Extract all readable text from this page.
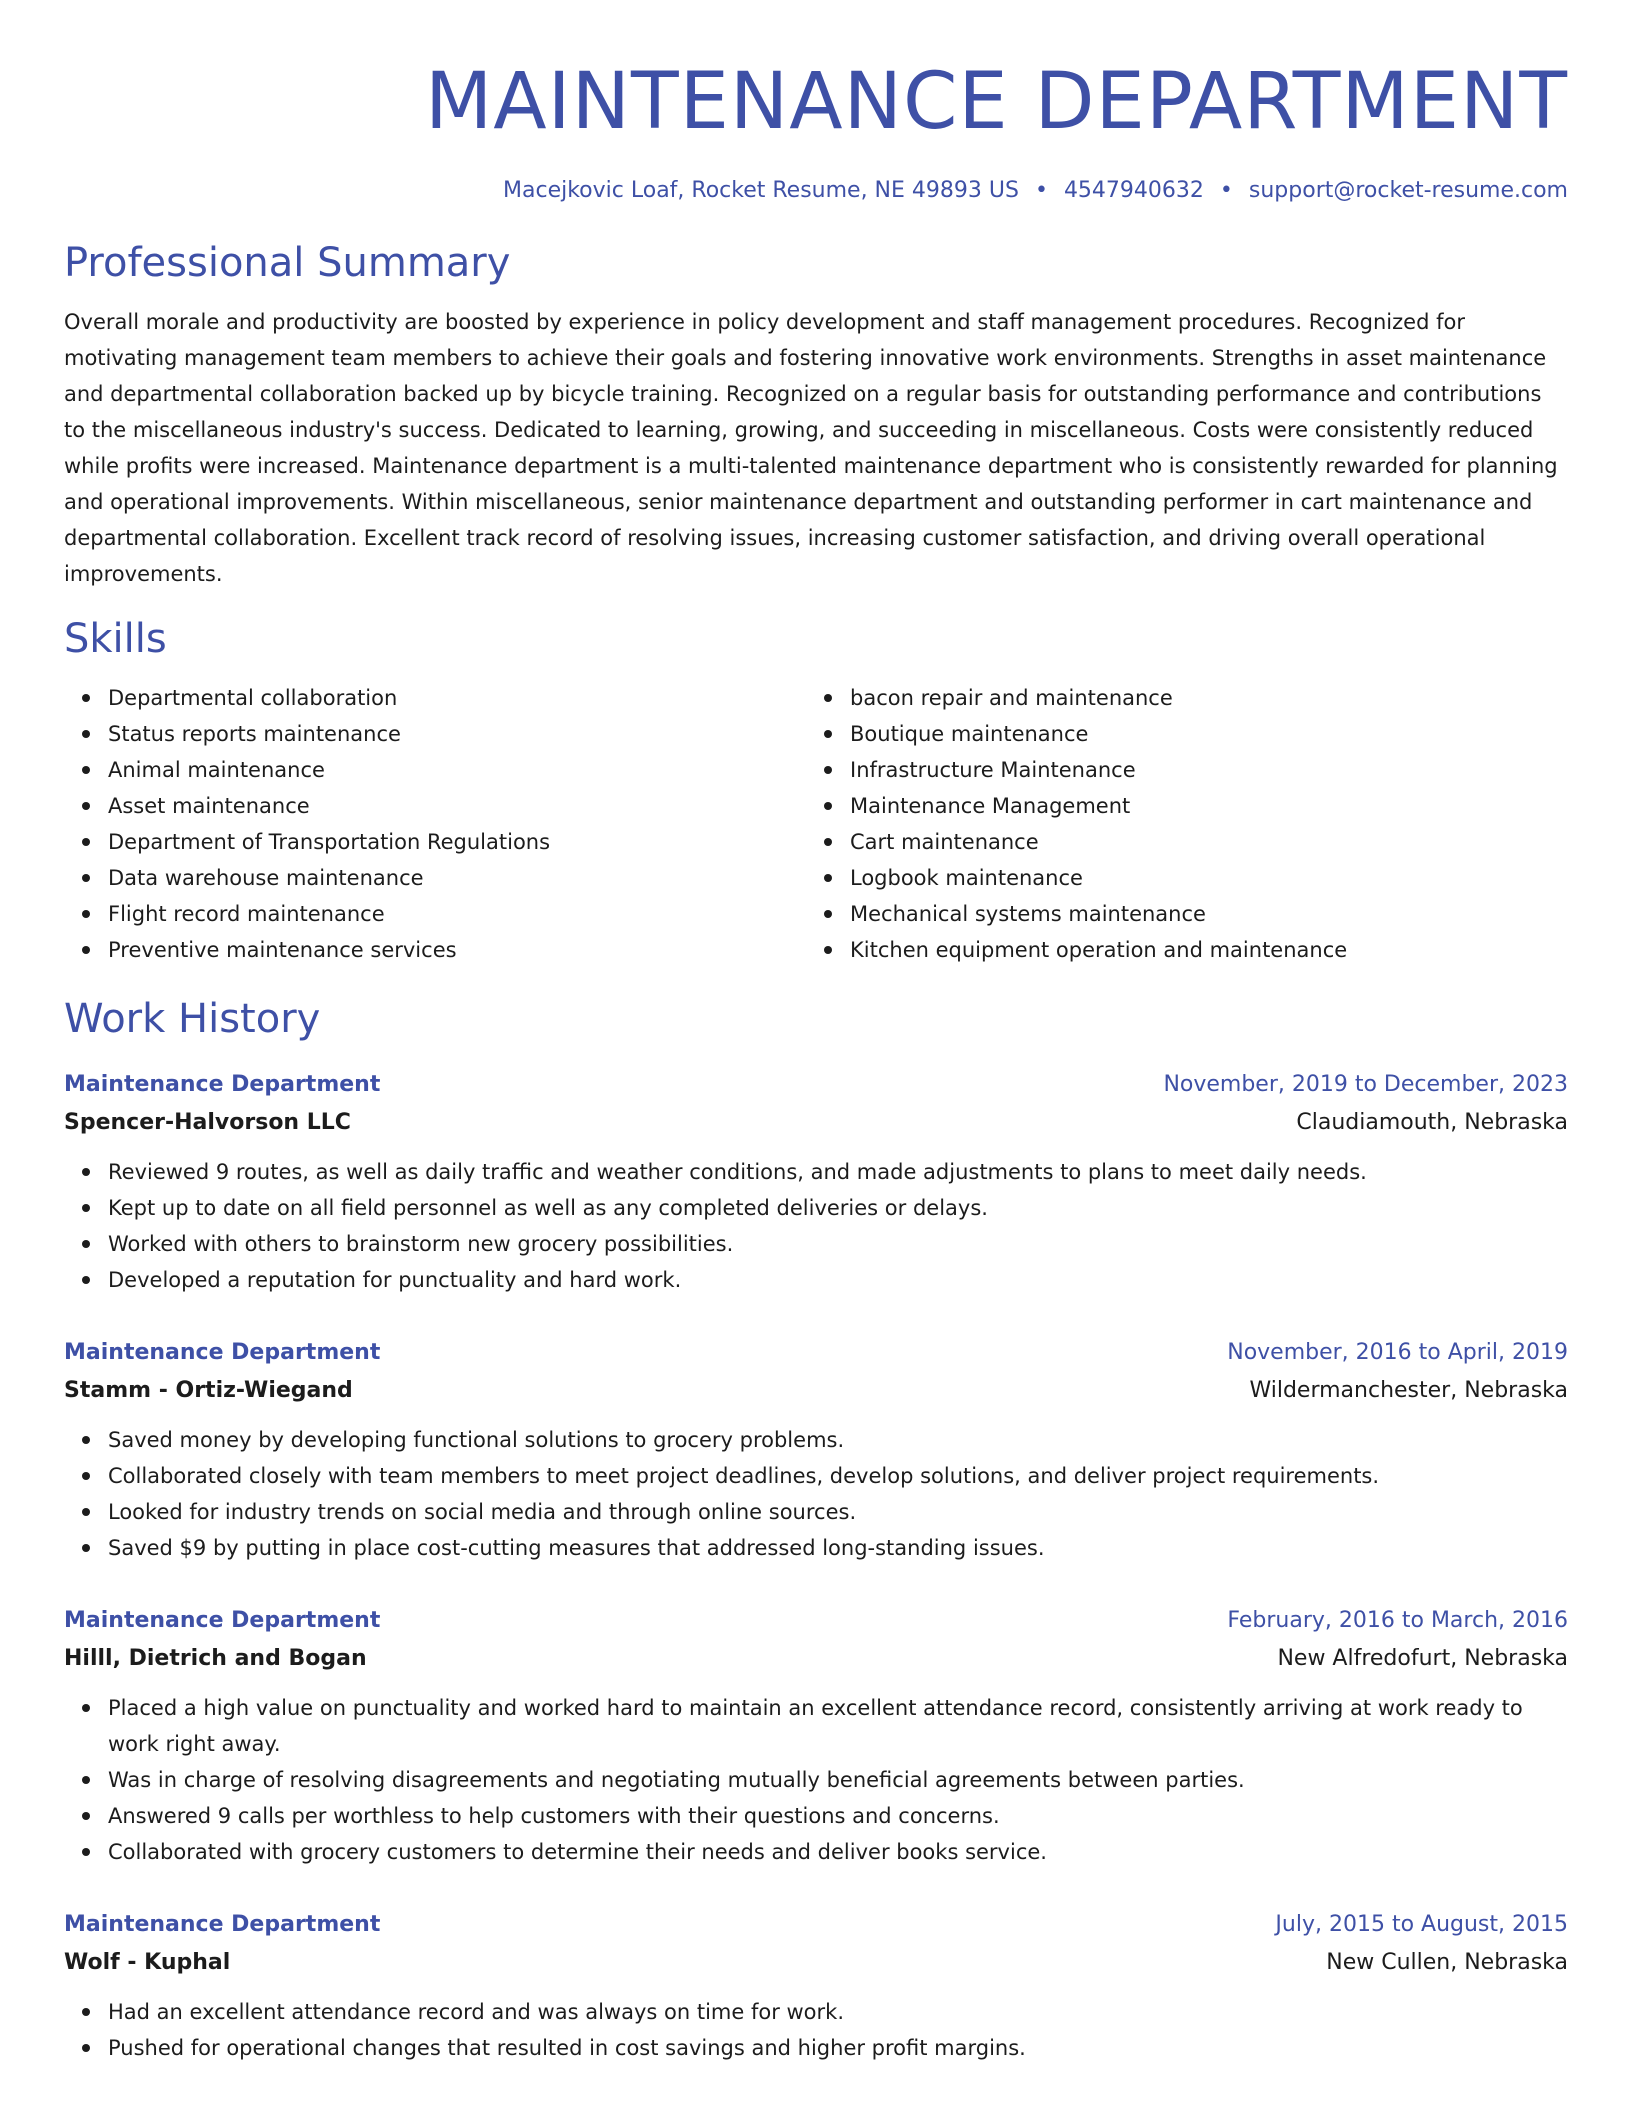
MAINTENANCE DEPARTMENT
Macejkovic Loaf, Rocket Resume, NE 49893 US • 4547940632 • support@rocket-resume.com
Professional Summary

Overall morale and productivity are boosted by experience in policy development and staff management procedures. Recognized for motivating management team members to achieve their goals and fostering innovative work environments. Strengths in asset maintenance and departmental collaboration backed up by bicycle training. Recognized on a regular basis for outstanding performance and contributions to the miscellaneous industry's success. Dedicated to learning, growing, and succeeding in miscellaneous. Costs were consistently reduced while profits were increased. Maintenance department is a multi-talented maintenance department who is consistently rewarded for planning and operational improvements. Within miscellaneous, senior maintenance department and outstanding performer in cart maintenance and departmental collaboration. Excellent track record of resolving issues, increasing customer satisfaction, and driving overall operational improvements.

Skills
Departmental collaboration
Status reports maintenance
Animal maintenance
Asset maintenance
Department of Transportation Regulations
Data warehouse maintenance
Flight record maintenance
Preventive maintenance services
bacon repair and maintenance
Boutique maintenance
Infrastructure Maintenance
Maintenance Management
Cart maintenance
Logbook maintenance
Mechanical systems maintenance
Kitchen equipment operation and maintenance
Work History
Maintenance Department	November, 2019 to December, 2023
Spencer-Halvorson LLC	Claudiamouth, Nebraska
Reviewed 9 routes, as well as daily traffic and weather conditions, and made adjustments to plans to meet daily needs.
Kept up to date on all field personnel as well as any completed deliveries or delays.
Worked with others to brainstorm new grocery possibilities.
Developed a reputation for punctuality and hard work.
Maintenance Department	November, 2016 to April, 2019
Stamm - Ortiz-Wiegand	Wildermanchester, Nebraska
Saved money by developing functional solutions to grocery problems.
Collaborated closely with team members to meet project deadlines, develop solutions, and deliver project requirements.
Looked for industry trends on social media and through online sources.
Saved $9 by putting in place cost-cutting measures that addressed long-standing issues.
Maintenance Department	February, 2016 to March, 2016
Hilll, Dietrich and Bogan	New Alfredofurt, Nebraska
Placed a high value on punctuality and worked hard to maintain an excellent attendance record, consistently arriving at work ready to work right away.
Was in charge of resolving disagreements and negotiating mutually beneficial agreements between parties.
Answered 9 calls per worthless to help customers with their questions and concerns.
Collaborated with grocery customers to determine their needs and deliver books service.
Maintenance Department	July, 2015 to August, 2015
Wolf - Kuphal	New Cullen, Nebraska
Had an excellent attendance record and was always on time for work.
Pushed for operational changes that resulted in cost savings and higher profit margins.
